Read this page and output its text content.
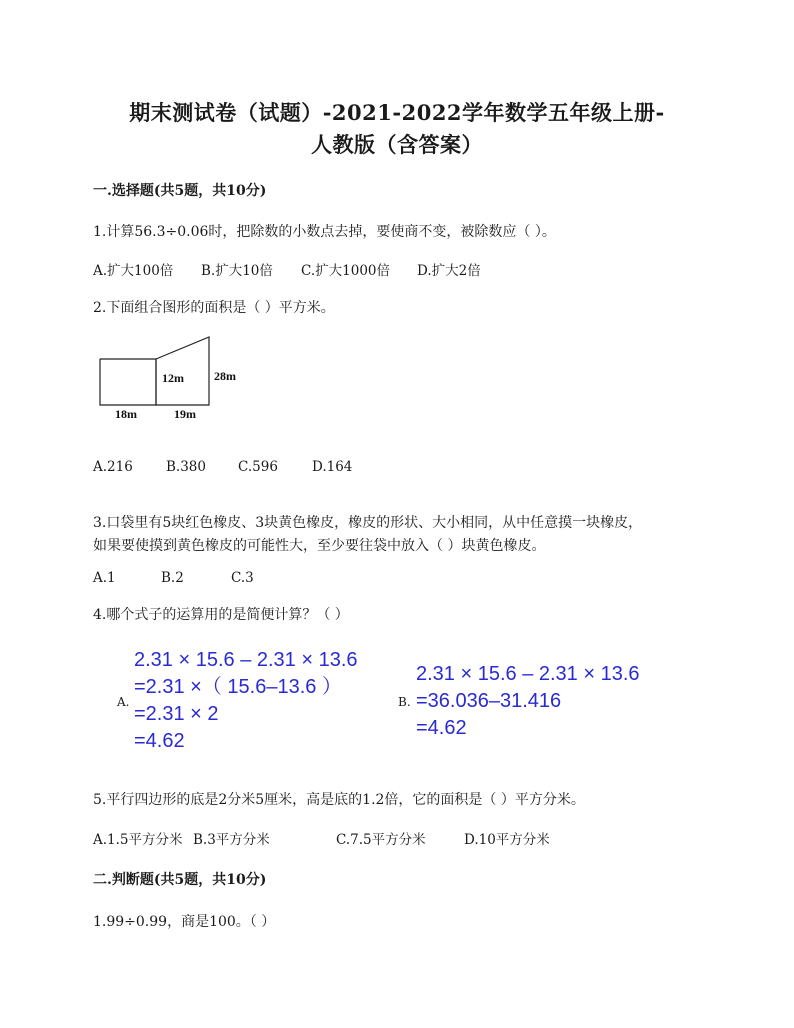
期末测试卷（试题）-2021-2022学年数学五年级上册-
人教版（含答案）
一.选择题(共5题，共10分)
1.计算56.3÷0.06时，把除数的小数点去掉，要使商不变，被除数应（ ）。
A.扩大100倍 B.扩大10倍 C.扩大1000倍 D.扩大2倍
2.下面组合图形的面积是（ ）平方米。
12m	28m
18m	19m
A.216 B.380 C.596	D.164
3.口袋里有5块红色橡皮、3块黄色橡皮，橡皮的形状、大小相同，从中任意摸一块橡皮，
如果要使摸到黄色橡皮的可能性大，至少要往袋中放入（ ）块黄色橡皮。
A.1	B.2	C.3
4.哪个式子的运算用的是简便计算？（ ）
A.
2.31 × 15.6 – 2.31 × 13.6
=2.31 ×（ 15.6–13.6 ）
=2.31 × 2
=4.62
B.
2.31 × 15.6 – 2.31 × 13.6
=36.036–31.416
=4.62
5.平行四边形的底是2分米5厘米，高是底的1.2倍，它的面积是（ ）平方分米。
A.1.5平方分米 B.3平方分米	C.7.5平方分米	D.10平方分米
二.判断题(共5题，共10分)
1.99÷0.99，商是100。（ ）
